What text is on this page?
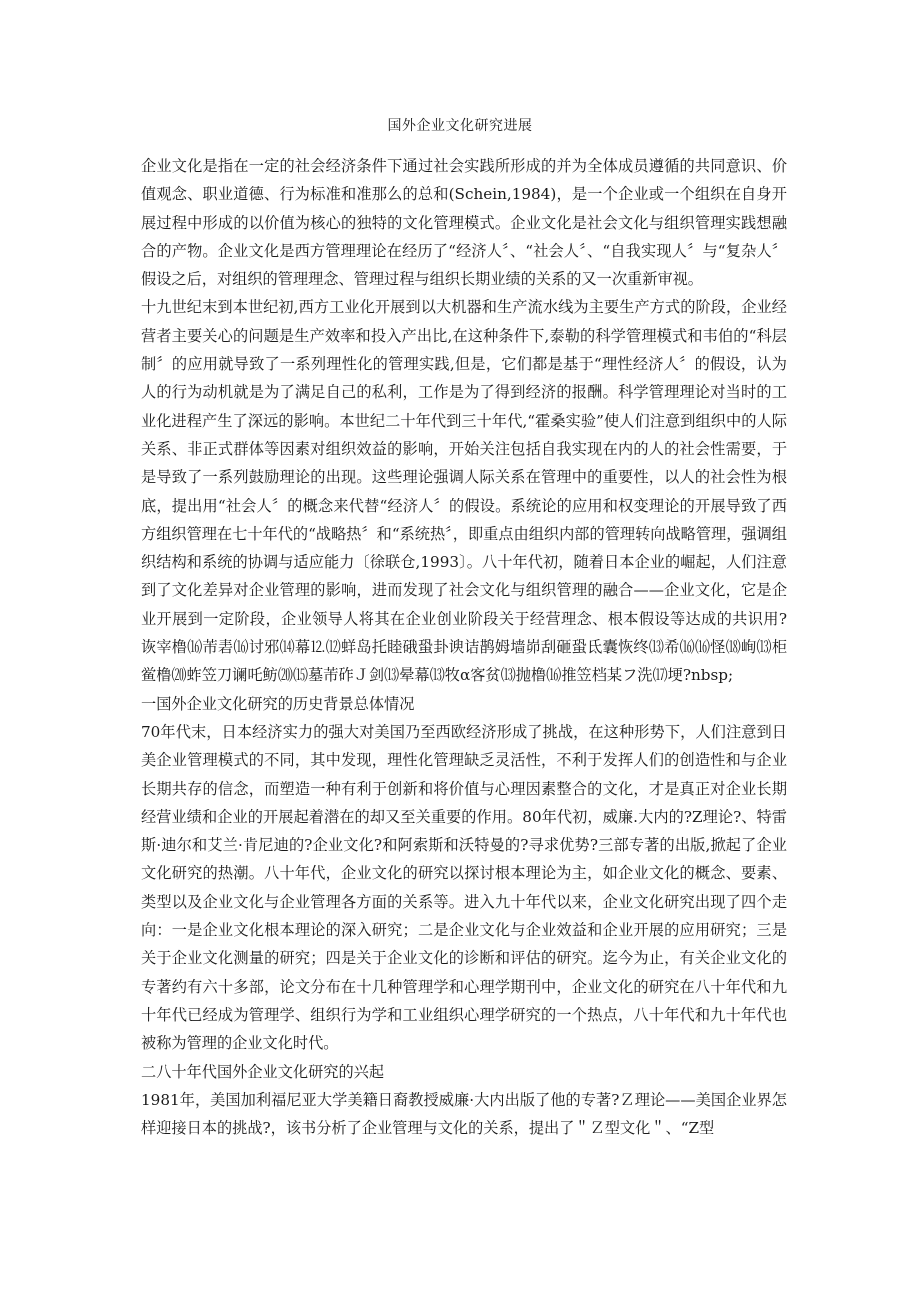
国外企业文化研究进展

企业文化是指在一定的社会经济条件下通过社会实践所形成的并为全体成员遵循的共同意识、价值观念、职业道德、行为标准和准那么的总和(Schein,1984)，是一个企业或一个组织在自身开展过程中形成的以价值为核心的独特的文化管理模式。企业文化是社会文化与组织管理实践想融合的产物。企业文化是西方管理理论在经历了“经济人〞、“社会人〞、“自我实现人〞与“复杂人〞假设之后，对组织的管理理念、管理过程与组织长期业绩的关系的又一次重新审视。

十九世纪末到本世纪初,西方工业化开展到以大机器和生产流水线为主要生产方式的阶段，企业经营者主要关心的问题是生产效率和投入产出比,在这种条件下,泰勒的科学管理模式和韦伯的“科层制〞的应用就导致了一系列理性化的管理实践,但是，它们都是基于“理性经济人〞的假设，认为人的行为动机就是为了满足自己的私利，工作是为了得到经济的报酬。科学管理理论对当时的工业化进程产生了深远的影响。本世纪二十年代到三十年代,“霍桑实验”使人们注意到组织中的人际关系、非正式群体等因素对组织效益的影响，开始关注包括自我实现在内的人的社会性需要，于是导致了一系列鼓励理论的出现。这些理论强调人际关系在管理中的重要性，以人的社会性为根底，提出用“社会人〞的概念来代替“经济人〞的假设。系统论的应用和权变理论的开展导致了西方组织管理在七十年代的“战略热〞和“系统热〞，即重点由组织内部的管理转向战略管理，强调组织结构和系统的协调与适应能力〔徐联仓,1993〕。八十年代初，随着日本企业的崛起，人们注意到了文化差异对企业管理的影响，进而发现了社会文化与组织管理的融合——企业文化，它是企业开展到一定阶段，企业领导人将其在企业创业阶段关于经营理念、根本假设等达成的共识用?诙宰橹⒃芾砉⒃讨邪⒁幕⒓⑿蛘岛托睦硪蛩卦谀诘鹊姆墙峁刮砸蛩氐囊恢终⒀希⒃⒃怪⒅峋⒀柜鲎橹⒇蚱笠刀谰吒鲂⒇⒂墓芾砟Ｊ剑⒀晕幕⒀牧α客贫⒀抛橹⒃推笠档某フ洗⒄埂?nbsp;

一国外企业文化研究的历史背景总体情况

70年代末，日本经济实力的强大对美国乃至西欧经济形成了挑战，在这种形势下，人们注意到日美企业管理模式的不同，其中发现，理性化管理缺乏灵活性，不利于发挥人们的创造性和与企业长期共存的信念，而塑造一种有利于创新和将价值与心理因素整合的文化，才是真正对企业长期经营业绩和企业的开展起着潜在的却又至关重要的作用。80年代初，威廉.大内的?Z理论?、特雷斯·迪尔和艾兰·肯尼迪的?企业文化?和阿索斯和沃特曼的?寻求优势?三部专著的出版,掀起了企业文化研究的热潮。八十年代，企业文化的研究以探讨根本理论为主，如企业文化的概念、要素、类型以及企业文化与企业管理各方面的关系等。进入九十年代以来，企业文化研究出现了四个走向：一是企业文化根本理论的深入研究；二是企业文化与企业效益和企业开展的应用研究；三是关于企业文化测量的研究；四是关于企业文化的诊断和评估的研究。迄今为止，有关企业文化的专著约有六十多部，论文分布在十几种管理学和心理学期刊中，企业文化的研究在八十年代和九十年代已经成为管理学、组织行为学和工业组织心理学研究的一个热点，八十年代和九十年代也被称为管理的企业文化时代。

二八十年代国外企业文化研究的兴起

1981年，美国加利福尼亚大学美籍日裔教授威廉·大内出版了他的专著?Ｚ理论——美国企业界怎样迎接日本的挑战?，该书分析了企业管理与文化的关系，提出了＂Ｚ型文化＂、“Z型
